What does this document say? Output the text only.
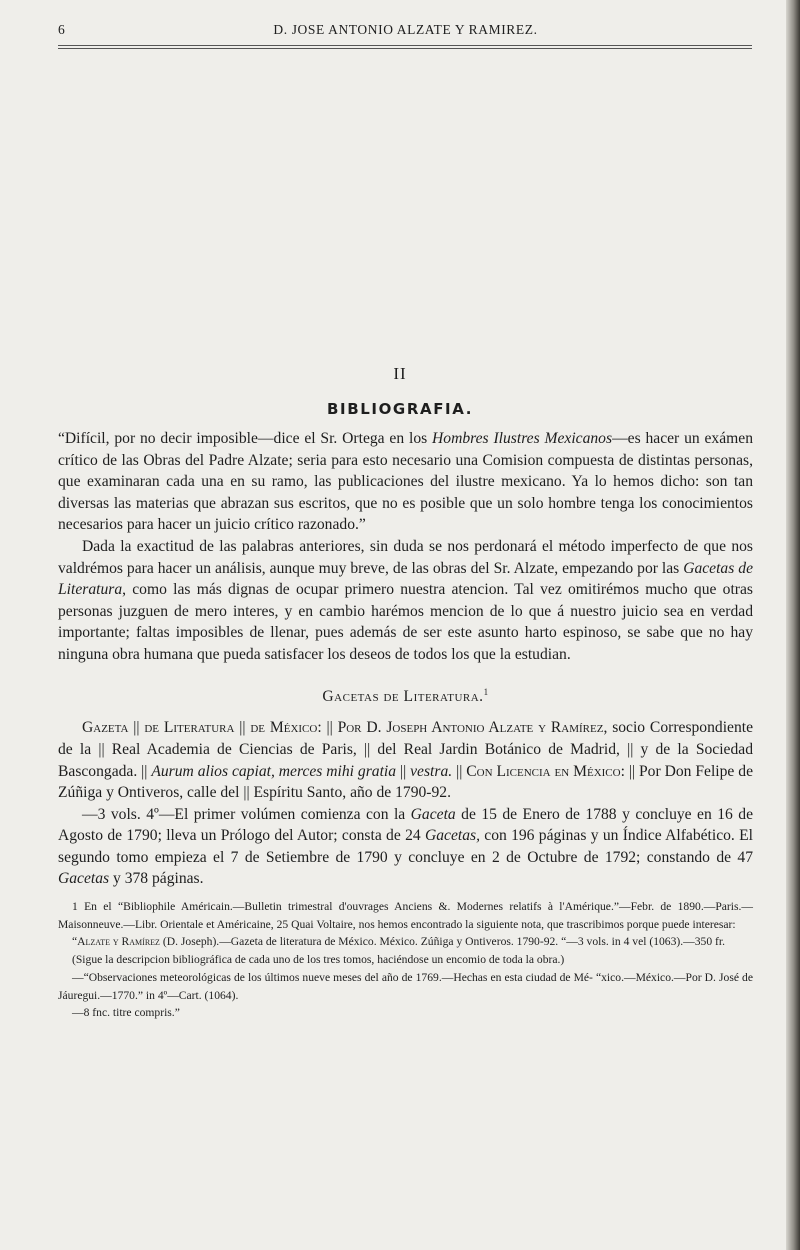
6	D. JOSE ANTONIO ALZATE Y RAMIREZ.
II
BIBLIOGRAFIA.

“Difícil, por no decir imposible—dice el Sr. Ortega en los Hombres Ilustres Mexicanos—es hacer un exámen crítico de las Obras del Padre Alzate; seria para esto necesario una Comision compuesta de distintas personas, que examinaran cada una en su ramo, las publicaciones del ilustre mexicano. Ya lo hemos dicho: son tan diversas las materias que abrazan sus escritos, que no es posible que un solo hombre tenga los conocimientos necesarios para hacer un juicio crítico razonado.”

Dada la exactitud de las palabras anteriores, sin duda se nos perdonará el método imperfecto de que nos valdrémos para hacer un análisis, aunque muy breve, de las obras del Sr. Alzate, empezando por las Gacetas de Literatura, como las más dignas de ocupar primero nuestra atencion. Tal vez omitirémos mucho que otras personas juzguen de mero interes, y en cambio harémos mencion de lo que á nuestro juicio sea en verdad importante; faltas imposibles de llenar, pues además de ser este asunto harto espinoso, se sabe que no hay ninguna obra humana que pueda satisfacer los deseos de todos los que la estudian.

Gacetas de Literatura.$^1$

Gazeta || de Literatura || de México: || Por D. Joseph Antonio Alzate y Ramírez, socio Correspondiente de la || Real Academia de Ciencias de Paris, || del Real Jardin Botánico de Madrid, || y de la Sociedad Bascongada. || Aurum alios capiat, merces mihi gratia || vestra. || Con Licencia en México: || Por Don Felipe de Zúñiga y Ontiveros, calle del || Espíritu Santo, año de 1790-92.

—3 vols. 4º—El primer volúmen comienza con la Gaceta de 15 de Enero de 1788 y concluye en 16 de Agosto de 1790; lleva un Prólogo del Autor; consta de 24 Gacetas, con 196 páginas y un Índice Alfabético. El segundo tomo empieza el 7 de Setiembre de 1790 y concluye en 2 de Octubre de 1792; constando de 47 Gacetas y 378 páginas.

1 En el “Bibliophile Américain.—Bulletin trimestral d'ouvrages Anciens &. Modernes relatifs à l'Amérique.”—Febr. de 1890.—Paris.—Maisonneuve.—Libr. Orientale et Américaine, 25 Quai Voltaire, nos hemos encontrado la siguiente nota, que trascribimos porque puede interesar:

“Alzate y Ramírez (D. Joseph).—Gazeta de literatura de México. México. Zúñiga y Ontiveros. 1790-92. “—3 vols. in 4 vel (1063).—350 fr.

(Sigue la descripcion bibliográfica de cada uno de los tres tomos, haciéndose un encomio de toda la obra.)

—“Observaciones meteorológicas de los últimos nueve meses del año de 1769.—Hechas en esta ciudad de Mé- “xico.—México.—Por D. José de Jáuregui.—1770.” in 4º—Cart. (1064).

—8 fnc. titre compris.”
